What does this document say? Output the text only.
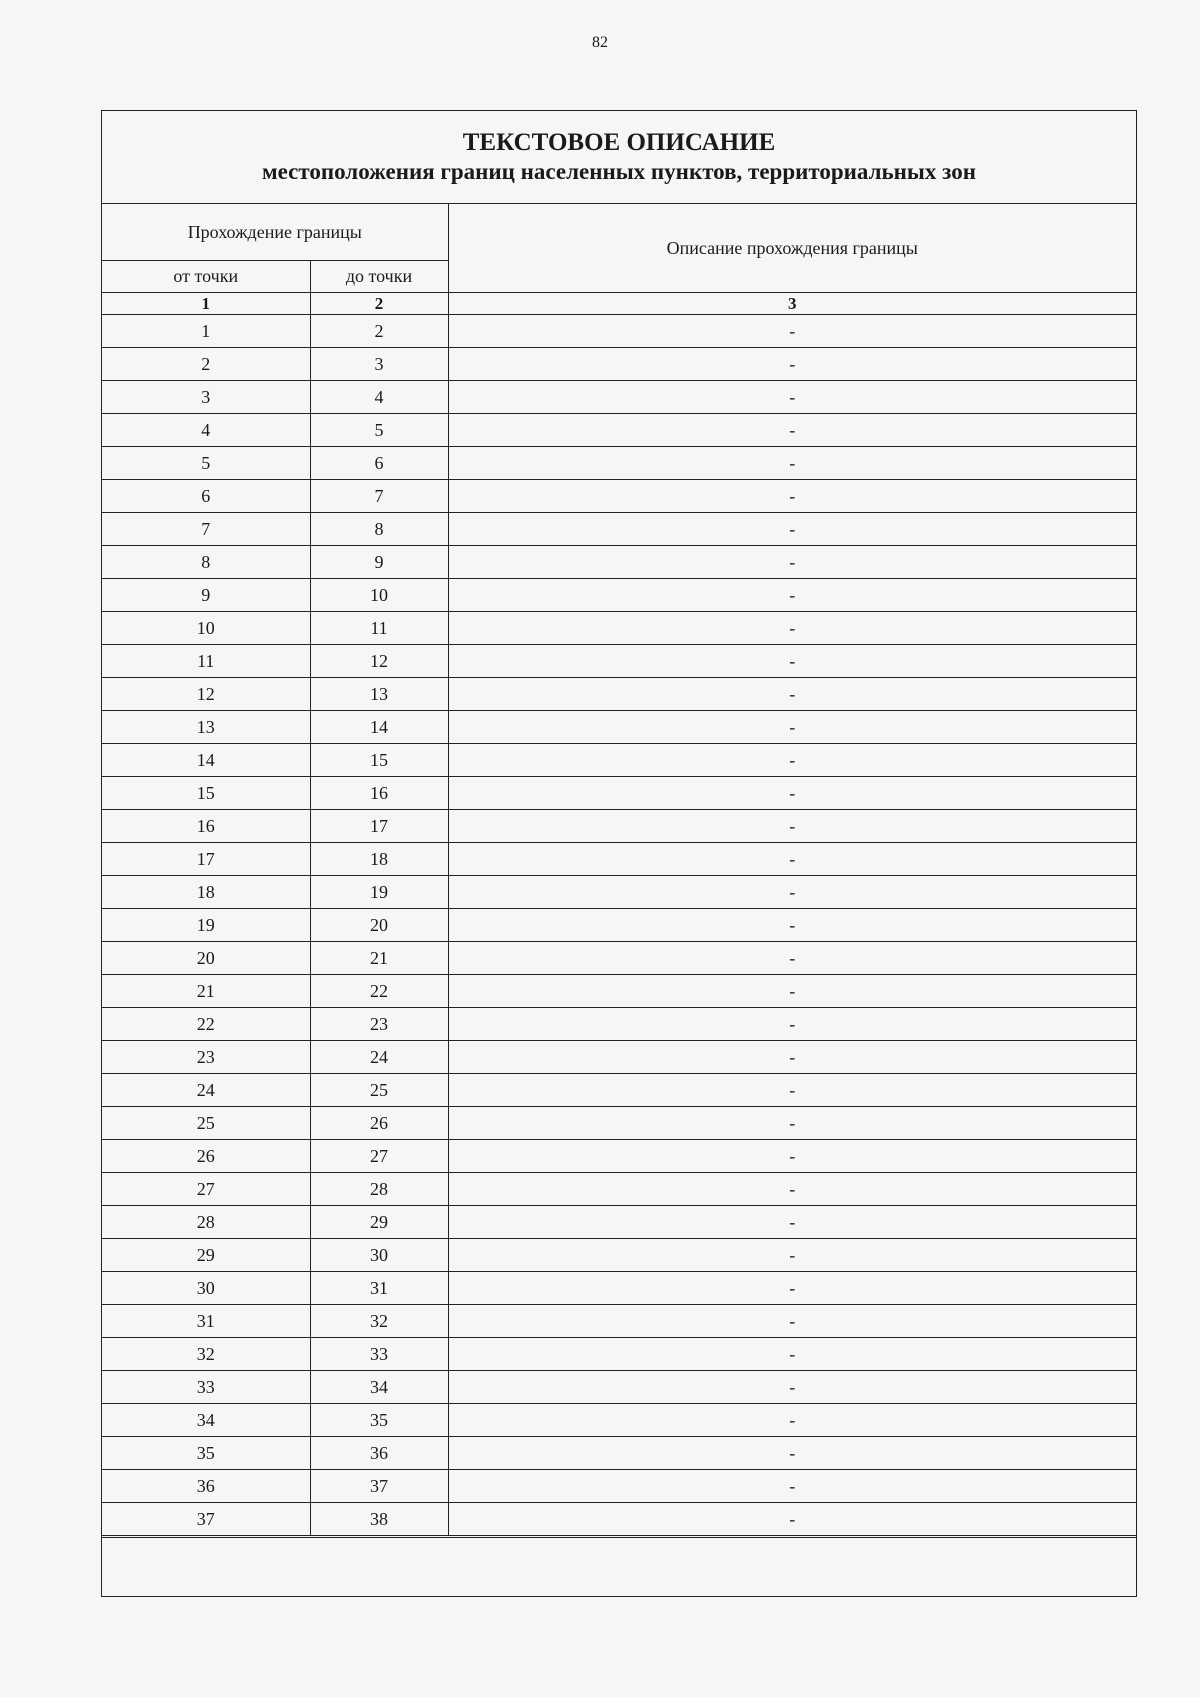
82
ТЕКСТОВОЕ ОПИСАНИЕ
местоположения границ населенных пунктов, территориальных зон		

Прохождение границы		Описание прохождения границы
от точки	до точки	
1	2	3
1	2	-
2	3	-
3	4	-
4	5	-
5	6	-
6	7	-
7	8	-
8	9	-
9	10	-
10	11	-
11	12	-
12	13	-
13	14	-
14	15	-
15	16	-
16	17	-
17	18	-
18	19	-
19	20	-
20	21	-
21	22	-
22	23	-
23	24	-
24	25	-
25	26	-
26	27	-
27	28	-
28	29	-
29	30	-
30	31	-
31	32	-
32	33	-
33	34	-
34	35	-
35	36	-
36	37	-
37	38	-
